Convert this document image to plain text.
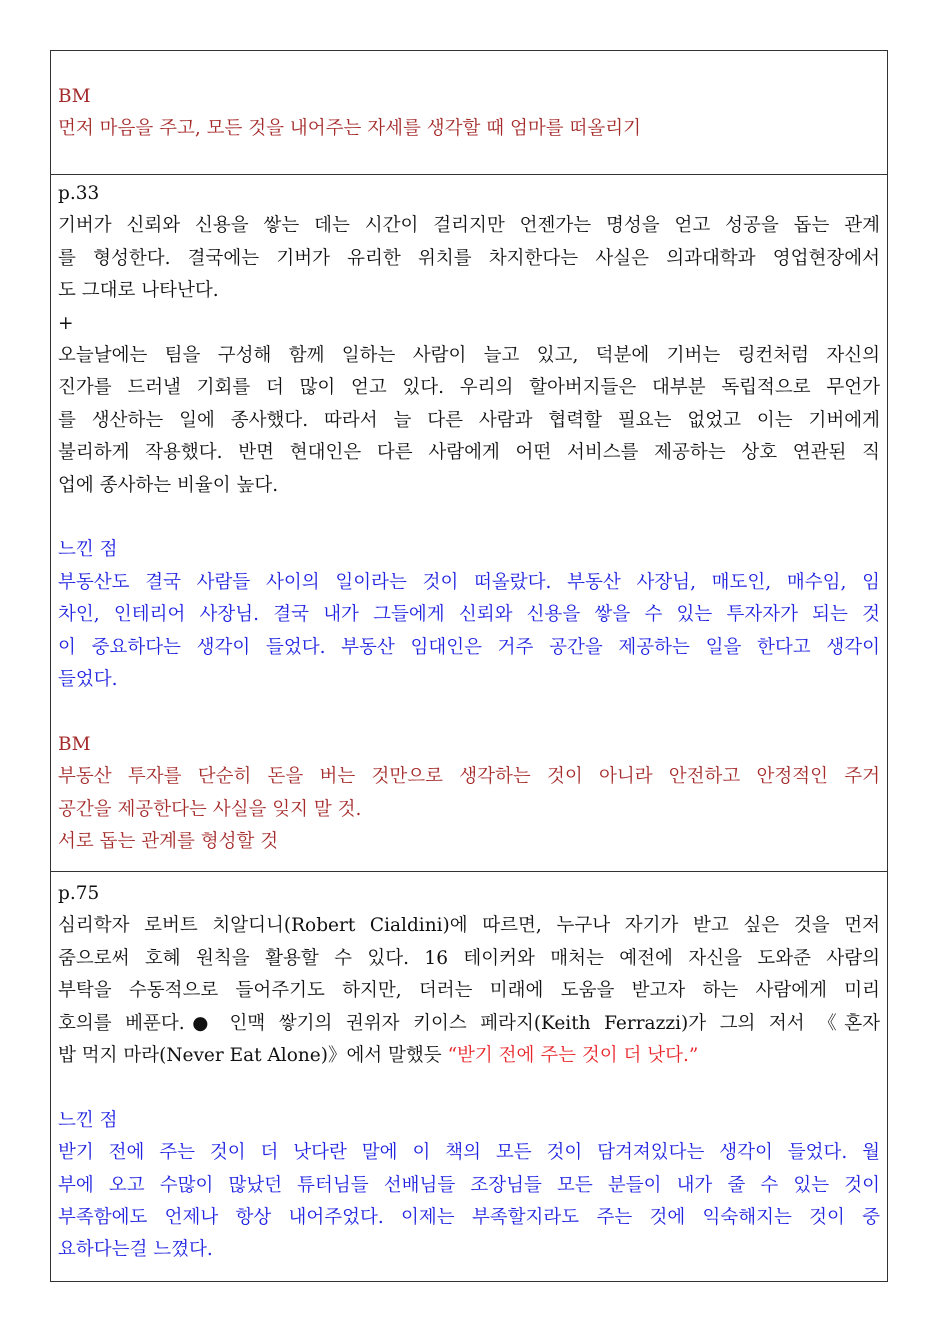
BM

먼저 마음을 주고, 모든 것을 내어주는 자세를 생각할 때 엄마를 떠올리기

p.33

기버가 신뢰와 신용을 쌓는 데는 시간이 걸리지만 언젠가는 명성을 얻고 성공을 돕는 관계

를 형성한다. 결국에는 기버가 유리한 위치를 차지한다는 사실은 의과대학과 영업현장에서

도 그대로 나타난다.

+

오늘날에는 팀을 구성해 함께 일하는 사람이 늘고 있고, 덕분에 기버는 링컨처럼 자신의

진가를 드러낼 기회를 더 많이 얻고 있다. 우리의 할아버지들은 대부분 독립적으로 무언가

를 생산하는 일에 종사했다. 따라서 늘 다른 사람과 협력할 필요는 없었고 이는 기버에게

불리하게 작용했다. 반면 현대인은 다른 사람에게 어떤 서비스를 제공하는 상호 연관된 직

업에 종사하는 비율이 높다.

느낀 점

부동산도 결국 사람들 사이의 일이라는 것이 떠올랐다. 부동산 사장님, 매도인, 매수임, 임

차인, 인테리어 사장님. 결국 내가 그들에게 신뢰와 신용을 쌓을 수 있는 투자자가 되는 것

이 중요하다는 생각이 들었다. 부동산 임대인은 거주 공간을 제공하는 일을 한다고 생각이

들었다.

BM

부동산 투자를 단순히 돈을 버는 것만으로 생각하는 것이 아니라 안전하고 안정적인 주거

공간을 제공한다는 사실을 잊지 말 것.

서로 돕는 관계를 형성할 것

p.75

심리학자 로버트 치알디니(Robert Cialdini)에 따르면, 누구나 자기가 받고 싶은 것을 먼저

줌으로써 호혜 원칙을 활용할 수 있다. 16 테이커와 매처는 예전에 자신을 도와준 사람의

부탁을 수동적으로 들어주기도 하지만, 더러는 미래에 도움을 받고자 하는 사람에게 미리

호의를 베푼다.● 인맥 쌓기의 권위자 키이스 페라지(Keith Ferrazzi)가 그의 저서 《혼자

밥 먹지 마라(Never Eat Alone)》에서 말했듯 “받기 전에 주는 것이 더 낫다.”

느낀 점

받기 전에 주는 것이 더 낫다란 말에 이 책의 모든 것이 담겨져있다는 생각이 들었다. 월

부에 오고 수많이 많났던 튜터님들 선배님들 조장님들 모든 분들이 내가 줄 수 있는 것이

부족함에도 언제나 항상 내어주었다. 이제는 부족할지라도 주는 것에 익숙해지는 것이 중

요하다는걸 느꼈다.
